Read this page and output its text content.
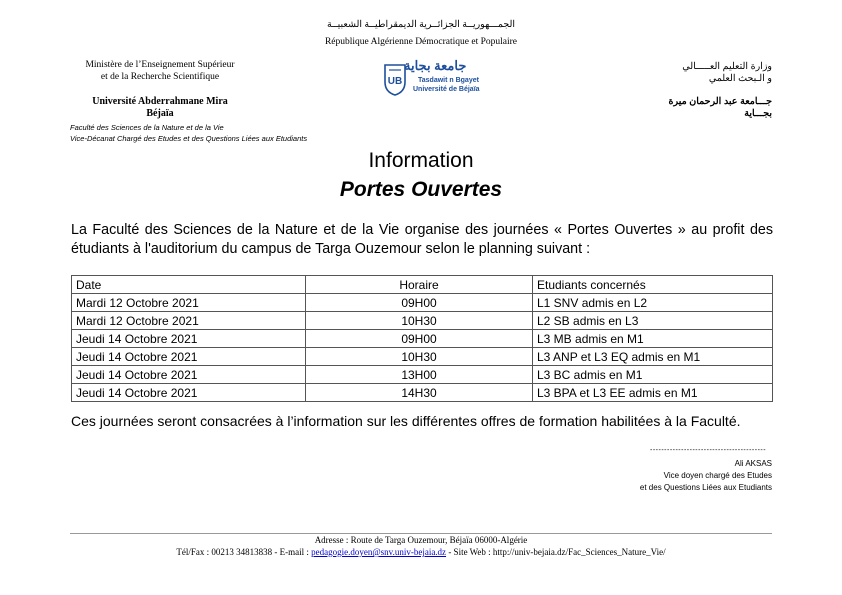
الجمـــهوريــة الجزائــرية الديمقراطيــة الشعبيــة
République Algérienne Démocratique et Populaire
Ministère de l’Enseignement Supérieur
et de la Recherche Scientifique
Université Abderrahmane Mira
Béjaïa
Faculté des Sciences de la Nature et de la Vie
Vice-Décanat Chargé des Etudes et des Questions Liées aux Etudiants
UB
جامعة بجاية
Tasdawit n Bgayet
Université de Béjaïa
وزارة التعليم العـــــالي
و الـبحث العلمي
جـــامعة عبد الرحمان ميرة
بجـــاية
Information
Portes Ouvertes
La Faculté des Sciences de la Nature et de la Vie organise des journées « Portes Ouvertes » au profit des étudiants à l'auditorium du campus de Targa Ouzemour selon le planning suivant :
Date	Horaire	Etudiants concernés
Mardi 12 Octobre 2021	09H00	L1 SNV admis en L2
Mardi 12 Octobre 2021	10H30	L2 SB admis en L3
Jeudi 14 Octobre 2021	09H00	L3 MB admis en M1
Jeudi 14 Octobre 2021	10H30	L3 ANP et L3 EQ admis en M1
Jeudi 14 Octobre 2021	13H00	L3 BC admis en M1
Jeudi 14 Octobre 2021	14H30	L3 BPA et L3 EE admis en M1
Ces journées seront consacrées à l’information sur les différentes offres de formation habilitées à la Faculté.
-----------------------------------------
Ali AKSAS
Vice doyen chargé des Etudes
et des Questions Liées aux Etudiants
Adresse : Route de Targa Ouzemour, Béjaïa 06000-Algérie
Tél/Fax : 00213 34813838 - E-mail : pedagogie.doyen@snv.univ-bejaia.dz - Site Web : http://univ-bejaia.dz/Fac_Sciences_Nature_Vie/
